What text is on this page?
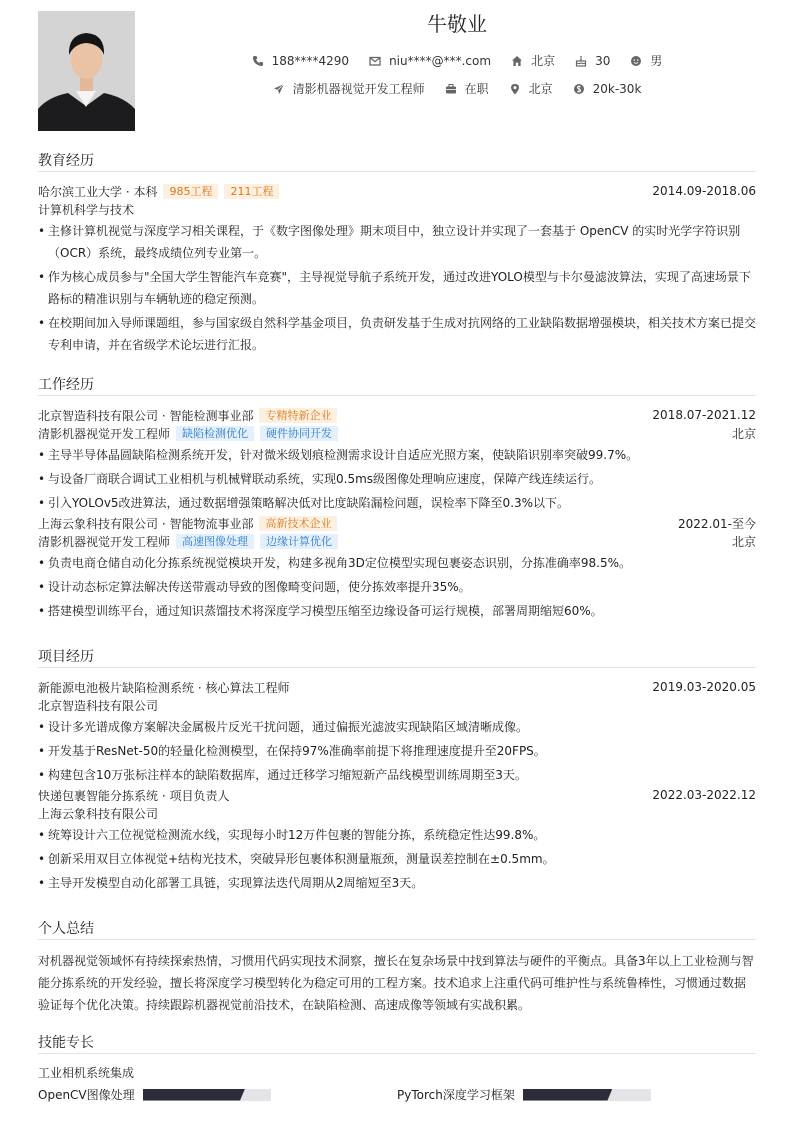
牛敬业
188****4290	niu****@***.com	北京	30	男
清影机器视觉开发工程师	在职	北京	20k-30k
教育经历
哈尔滨工业大学 · 本科	985工程	211工程	2014.09-2018.06
计算机科学与技术
• 主修计算机视觉与深度学习相关课程，于《数字图像处理》期末项目中，独立设计并实现了一套基于 OpenCV 的实时光学字符识别（OCR）系统，最终成绩位列专业第一。
• 作为核心成员参与"全国大学生智能汽车竞赛"，主导视觉导航子系统开发，通过改进YOLO模型与卡尔曼滤波算法，实现了高速场景下路标的精准识别与车辆轨迹的稳定预测。
• 在校期间加入导师课题组，参与国家级自然科学基金项目，负责研发基于生成对抗网络的工业缺陷数据增强模块，相关技术方案已提交专利申请，并在省级学术论坛进行汇报。
工作经历
北京智造科技有限公司 · 智能检测事业部	专精特新企业	2018.07-2021.12
清影机器视觉开发工程师	缺陷检测优化	硬件协同开发	北京
• 主导半导体晶圆缺陷检测系统开发，针对微米级划痕检测需求设计自适应光照方案，使缺陷识别率突破99.7%。
• 与设备厂商联合调试工业相机与机械臂联动系统，实现0.5ms级图像处理响应速度，保障产线连续运行。
• 引入YOLOv5改进算法，通过数据增强策略解决低对比度缺陷漏检问题，误检率下降至0.3%以下。
上海云象科技有限公司 · 智能物流事业部	高新技术企业	2022.01-至今
清影机器视觉开发工程师	高速图像处理	边缘计算优化	北京
• 负责电商仓储自动化分拣系统视觉模块开发，构建多视角3D定位模型实现包裹姿态识别，分拣准确率98.5%。
• 设计动态标定算法解决传送带震动导致的图像畸变问题，使分拣效率提升35%。
• 搭建模型训练平台，通过知识蒸馏技术将深度学习模型压缩至边缘设备可运行规模，部署周期缩短60%。
项目经历
新能源电池极片缺陷检测系统 · 核心算法工程师	2019.03-2020.05
北京智造科技有限公司
• 设计多光谱成像方案解决金属极片反光干扰问题，通过偏振光滤波实现缺陷区域清晰成像。
• 开发基于ResNet-50的轻量化检测模型，在保持97%准确率前提下将推理速度提升至20FPS。
• 构建包含10万张标注样本的缺陷数据库，通过迁移学习缩短新产品线模型训练周期至3天。
快递包裹智能分拣系统 · 项目负责人	2022.03-2022.12
上海云象科技有限公司
• 统筹设计六工位视觉检测流水线，实现每小时12万件包裹的智能分拣，系统稳定性达99.8%。
• 创新采用双目立体视觉+结构光技术，突破异形包裹体积测量瓶颈，测量误差控制在±0.5mm。
• 主导开发模型自动化部署工具链，实现算法迭代周期从2周缩短至3天。
个人总结
对机器视觉领域怀有持续探索热情，习惯用代码实现技术洞察，擅长在复杂场景中找到算法与硬件的平衡点。具备3年以上工业检测与智能分拣系统的开发经验，擅长将深度学习模型转化为稳定可用的工程方案。技术追求上注重代码可维护性与系统鲁棒性，习惯通过数据验证每个优化决策。持续跟踪机器视觉前沿技术，在缺陷检测、高速成像等领域有实战积累。
技能专长
工业相机系统集成
OpenCV图像处理	PyTorch深度学习框架
